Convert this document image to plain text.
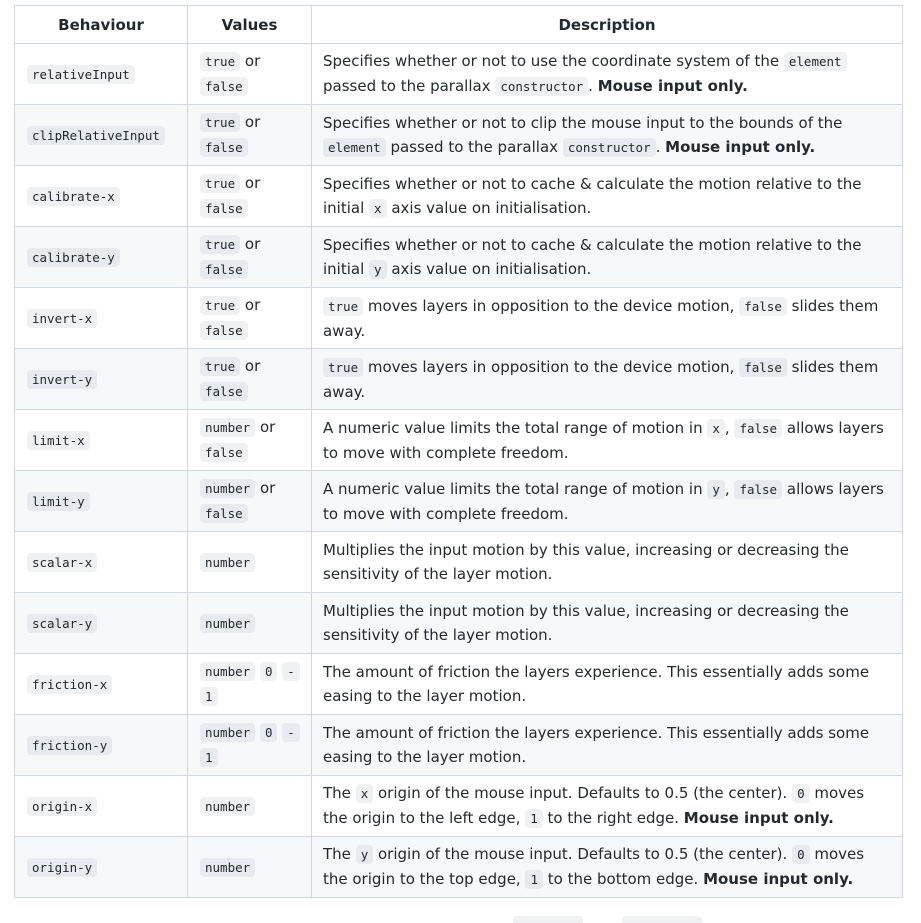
Behaviour	Values	Description
relativeInput	true or false	Specifies whether or not to use the coordinate system of the element passed to the parallax constructor . Mouse input only.
clipRelativeInput	true or false	Specifies whether or not to clip the mouse input to the bounds of the element passed to the parallax constructor . Mouse input only.
calibrate-x	true or false	Specifies whether or not to cache & calculate the motion relative to the initial x axis value on initialisation.
calibrate-y	true or false	Specifies whether or not to cache & calculate the motion relative to the initial y axis value on initialisation.
invert-x	true or false	true moves layers in opposition to the device motion, false slides them away.
invert-y	true or false	true moves layers in opposition to the device motion, false slides them away.
limit-x	number or false	A numeric value limits the total range of motion in x , false allows layers to move with complete freedom.
limit-y	number or false	A numeric value limits the total range of motion in y , false allows layers to move with complete freedom.
scalar-x	number	Multiplies the input motion by this value, increasing or decreasing the sensitivity of the layer motion.
scalar-y	number	Multiplies the input motion by this value, increasing or decreasing the sensitivity of the layer motion.
friction-x	number 0 - 1	The amount of friction the layers experience. This essentially adds some easing to the layer motion.
friction-y	number 0 - 1	The amount of friction the layers experience. This essentially adds some easing to the layer motion.
origin-x	number	The x origin of the mouse input. Defaults to 0.5 (the center). 0 moves the origin to the left edge, 1 to the right edge. Mouse input only.
origin-y	number	The y origin of the mouse input. Defaults to 0.5 (the center). 0 moves the origin to the top edge, 1 to the bottom edge. Mouse input only.
